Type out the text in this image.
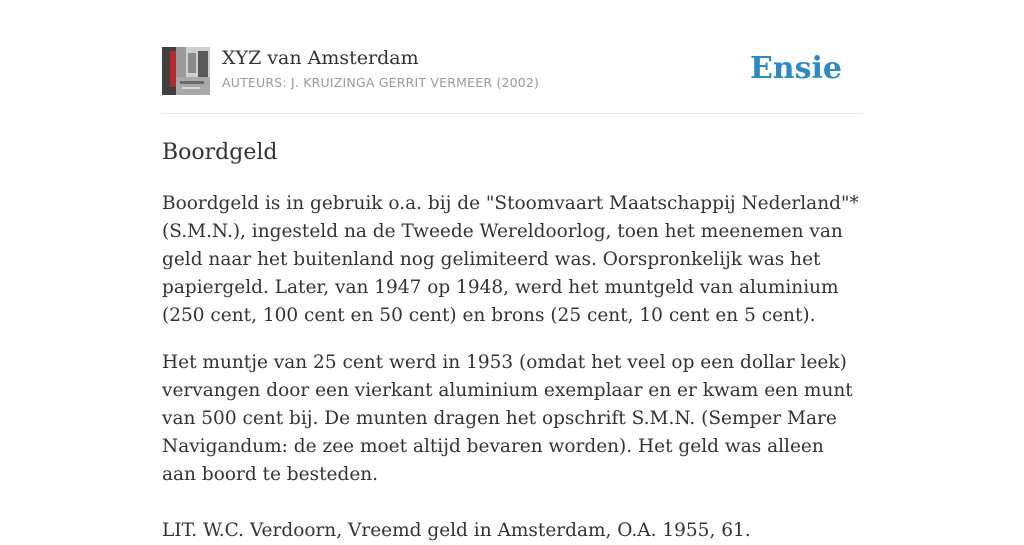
XYZ van Amsterdam
AUTEURS: J. KRUIZINGA GERRIT VERMEER (2002)	Ensie
Boordgeld

Boordgeld is in gebruik o.a. bij de "Stoomvaart Maatschappij Nederland"* (S.M.N.), ingesteld na de Tweede Wereldoorlog, toen het meenemen van geld naar het buitenland nog gelimiteerd was. Oorspronkelijk was het papiergeld. Later, van 1947 op 1948, werd het muntgeld van aluminium (250 cent, 100 cent en 50 cent) en brons (25 cent, 10 cent en 5 cent).

Het muntje van 25 cent werd in 1953 (omdat het veel op een dollar leek) vervangen door een vierkant aluminium exemplaar en er kwam een munt van 500 cent bij. De munten dragen het opschrift S.M.N. (Semper Mare Navigandum: de zee moet altijd bevaren worden). Het geld was alleen aan boord te besteden.

LIT. W.C. Verdoorn, Vreemd geld in Amsterdam, O.A. 1955, 61.
